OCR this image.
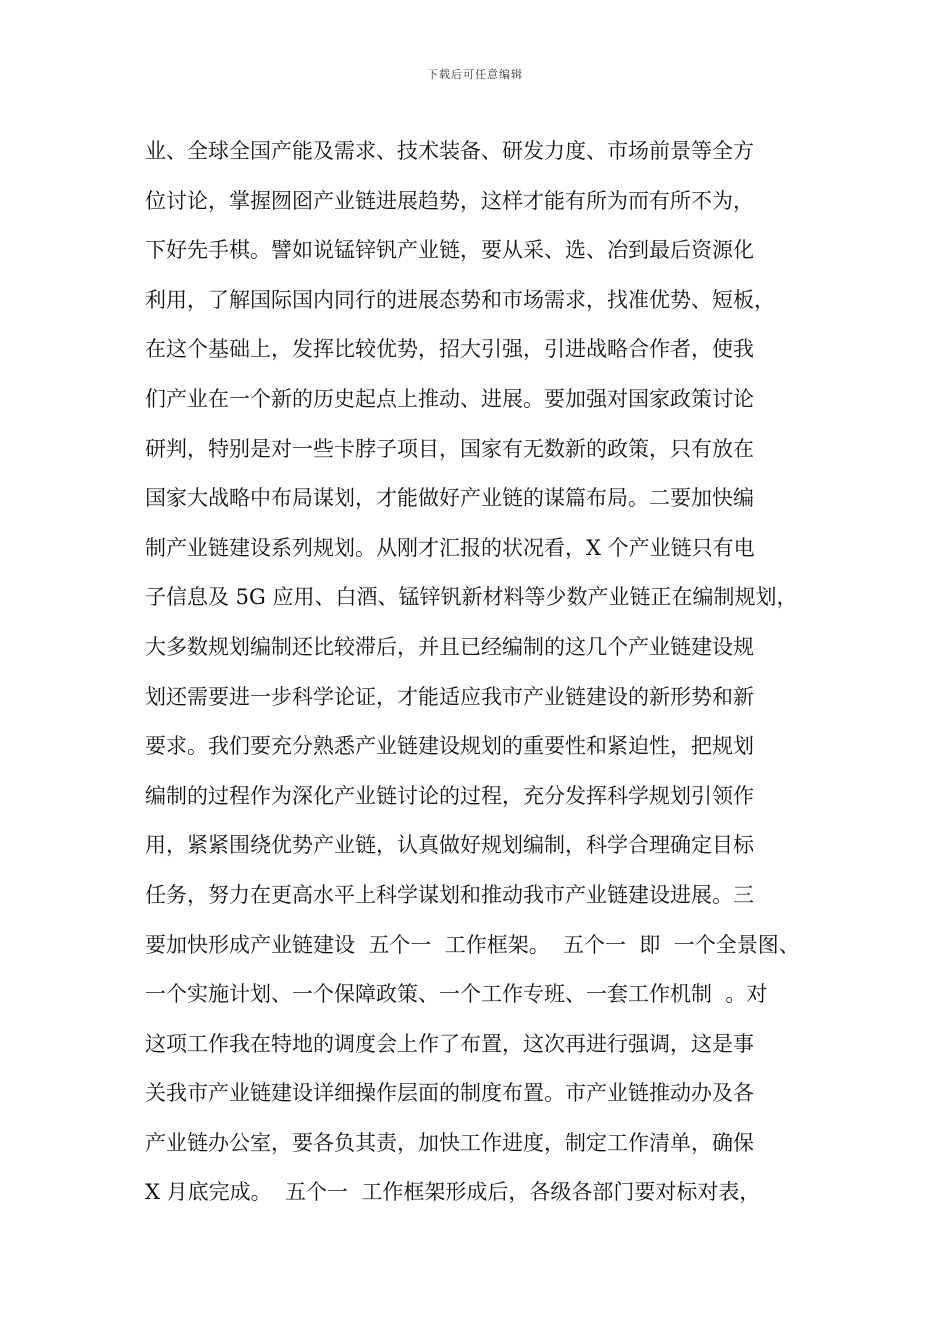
下载后可任意编辑
业、全球全国产能及需求、技术装备、研发力度、市场前景等全方
位讨论，掌握囫囵产业链进展趋势，这样才能有所为而有所不为，
下好先手棋。譬如说锰锌钒产业链，要从采、选、冶到最后资源化
利用，了解国际国内同行的进展态势和市场需求，找准优势、短板，
在这个基础上，发挥比较优势，招大引强，引进战略合作者，使我
们产业在一个新的历史起点上推动、进展。要加强对国家政策讨论
研判，特别是对一些卡脖子项目，国家有无数新的政策，只有放在
国家大战略中布局谋划，才能做好产业链的谋篇布局。二要加快编
制产业链建设系列规划。从刚才汇报的状况看，X 个产业链只有电
子信息及 5G 应用、白酒、锰锌钒新材料等少数产业链正在编制规划，
大多数规划编制还比较滞后，并且已经编制的这几个产业链建设规
划还需要进一步科学论证，才能适应我市产业链建设的新形势和新
要求。我们要充分熟悉产业链建设规划的重要性和紧迫性，把规划
编制的过程作为深化产业链讨论的过程，充分发挥科学规划引领作
用，紧紧围绕优势产业链，认真做好规划编制，科学合理确定目标
任务，努力在更高水平上科学谋划和推动我市产业链建设进展。三
要加快形成产业链建设  五个一  工作框架。  五个一  即  一个全景图、
一个实施计划、一个保障政策、一个工作专班、一套工作机制  。对
这项工作我在特地的调度会上作了布置，这次再进行强调，这是事
关我市产业链建设详细操作层面的制度布置。市产业链推动办及各
产业链办公室，要各负其责，加快工作进度，制定工作清单，确保
X 月底完成。  五个一  工作框架形成后，各级各部门要对标对表，
